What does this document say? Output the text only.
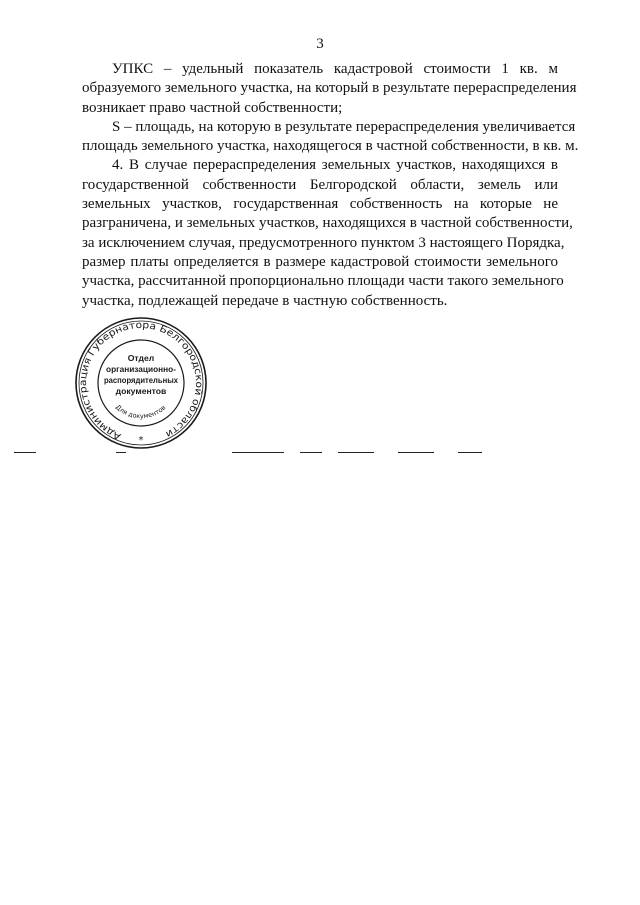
3
УПКС – удельный показатель кадастровой стоимости 1 кв. м
образуемого земельного участка, на который в результате перераспределения
возникает право частной собственности;
S – площадь, на которую в результате перераспределения увеличивается
площадь земельного участка, находящегося в частной собственности, в кв. м.
4. В случае перераспределения земельных участков, находящихся в
государственной собственности Белгородской области, земель или
земельных участков, государственная собственность на которые не
разграничена, и земельных участков, находящихся в частной собственности,
за исключением случая, предусмотренного пунктом 3 настоящего Порядка,
размер платы определяется в размере кадастровой стоимости земельного
участка, рассчитанной пропорционально площади части такого земельного
участка, подлежащей передаче в частную собственность.
Администрация Губернатора Белгородской области
Отдел
организационно-
распорядительных
документов
Для документов
*
